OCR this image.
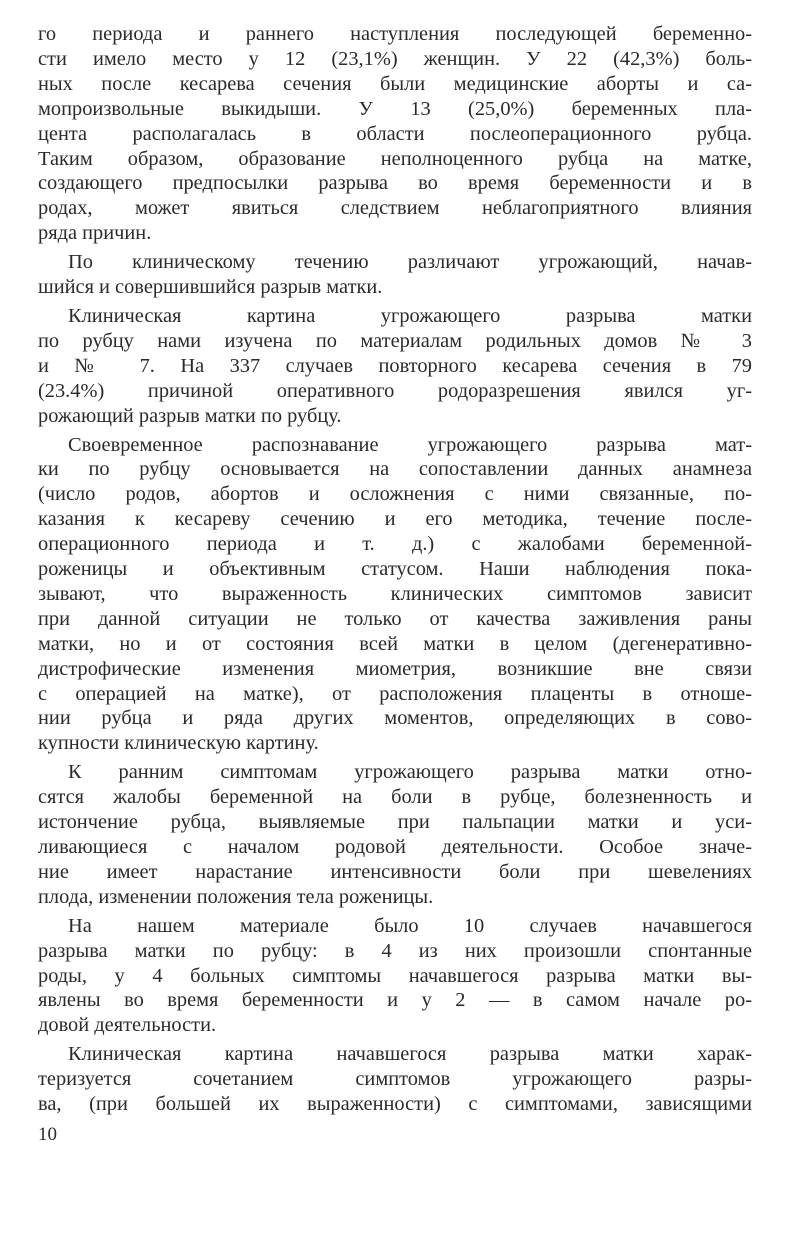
го периода и раннего наступления последующей беременно-
сти имело место у 12 (23,1%) женщин. У 22 (42,3%) боль-
ных после кесарева сечения были медицинские аборты и са-
мопроизвольные выкидыши. У 13 (25,0%) беременных пла-
цента располагалась в области послеоперационного рубца.
Таким образом, образование неполноценного рубца на матке,
создающего предпосылки разрыва во время беременности и в
родах, может явиться следствием неблагоприятного влияния
ряда причин.
По клиническому течению различают угрожающий, начав-
шийся и совершившийся разрыв матки.
Клиническая картина угрожающего разрыва матки
по рубцу нами изучена по материалам родильных домов № 3
и № 7. На 337 случаев повторного кесарева сечения в 79
(23.4%) причиной оперативного родоразрешения явился уг-
рожающий разрыв матки по рубцу.
Своевременное распознавание угрожающего разрыва мат-
ки по рубцу основывается на сопоставлении данных анамнеза
(число родов, абортов и осложнения с ними связанные, по-
казания к кесареву сечению и его методика, течение после-
операционного периода и т. д.) с жалобами беременной-
роженицы и объективным статусом. Наши наблюдения пока-
зывают, что выраженность клинических симптомов зависит
при данной ситуации не только от качества заживления раны
матки, но и от состояния всей матки в целом (дегенеративно-
дистрофические изменения миометрия, возникшие вне связи
с операцией на матке), от расположения плаценты в отноше-
нии рубца и ряда других моментов, определяющих в сово-
купности клиническую картину.
К ранним симптомам угрожающего разрыва матки отно-
сятся жалобы беременной на боли в рубце, болезненность и
истончение рубца, выявляемые при пальпации матки и уси-
ливающиеся с началом родовой деятельности. Особое значе-
ние имеет нарастание интенсивности боли при шевелениях
плода, изменении положения тела роженицы.
На нашем материале было 10 случаев начавшегося
разрыва матки по рубцу: в 4 из них произошли спонтанные
роды, у 4 больных симптомы начавшегося разрыва матки вы-
явлены во время беременности и у 2 — в самом начале ро-
довой деятельности.
Клиническая картина начавшегося разрыва матки харак-
теризуется сочетанием симптомов угрожающего разры-
ва, (при большей их выраженности) с симптомами, зависящими
10
